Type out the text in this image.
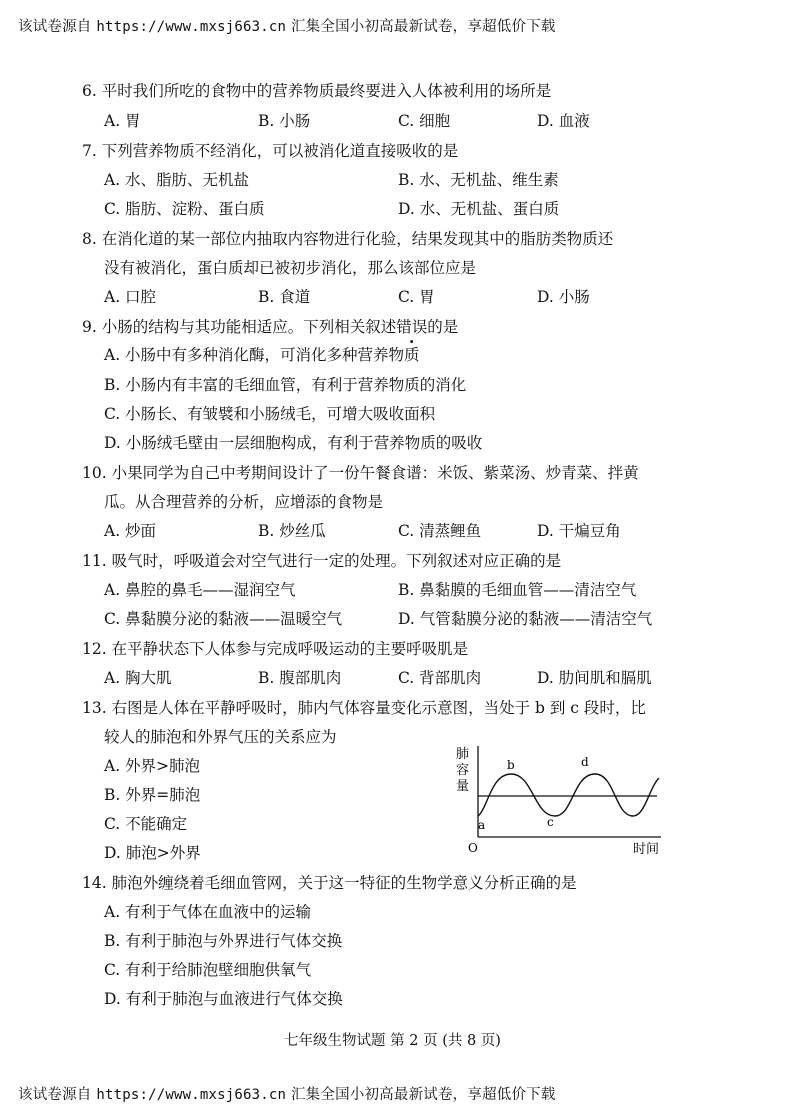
该试卷源自 https://www.mxsj663.cn 汇集全国小初高最新试卷，享超低价下载
6. 平时我们所吃的食物中的营养物质最终要进入人体被利用的场所是
A. 胃	B. 小肠	C. 细胞	D. 血液
7. 下列营养物质不经消化，可以被消化道直接吸收的是
A. 水、脂肪、无机盐	B. 水、无机盐、维生素
C. 脂肪、淀粉、蛋白质	D. 水、无机盐、蛋白质
8. 在消化道的某一部位内抽取内容物进行化验，结果发现其中的脂肪类物质还
没有被消化，蛋白质却已被初步消化，那么该部位应是
A. 口腔	B. 食道	C. 胃	D. 小肠
9. 小肠的结构与其功能相适应。下列相关叙述错误的是
A. 小肠中有多种消化酶，可消化多种营养物质
B. 小肠内有丰富的毛细血管，有利于营养物质的消化
C. 小肠长、有皱襞和小肠绒毛，可增大吸收面积
D. 小肠绒毛壁由一层细胞构成，有利于营养物质的吸收
10. 小果同学为自己中考期间设计了一份午餐食谱：米饭、紫菜汤、炒青菜、拌黄
瓜。从合理营养的分析，应增添的食物是
A. 炒面	B. 炒丝瓜	C. 清蒸鲤鱼	D. 干煸豆角
11. 吸气时，呼吸道会对空气进行一定的处理。下列叙述对应正确的是
A. 鼻腔的鼻毛——湿润空气	B. 鼻黏膜的毛细血管——清洁空气
C. 鼻黏膜分泌的黏液——温暖空气	D. 气管黏膜分泌的黏液——清洁空气
12. 在平静状态下人体参与完成呼吸运动的主要呼吸肌是
A. 胸大肌	B. 腹部肌肉	C. 背部肌肉	D. 肋间肌和膈肌
13. 右图是人体在平静呼吸时，肺内气体容量变化示意图，当处于 b 到 c 段时，比
较人的肺泡和外界气压的关系应为
A. 外界>肺泡
B. 外界=肺泡
C. 不能确定
D. 肺泡>外界
肺
容
量
a
b
c
d
O	时间
14. 肺泡外缠绕着毛细血管网，关于这一特征的生物学意义分析正确的是
A. 有利于气体在血液中的运输
B. 有利于肺泡与外界进行气体交换
C. 有利于给肺泡壁细胞供氧气
D. 有利于肺泡与血液进行气体交换
七年级生物试题 第 2 页 (共 8 页)
该试卷源自 https://www.mxsj663.cn 汇集全国小初高最新试卷，享超低价下载
